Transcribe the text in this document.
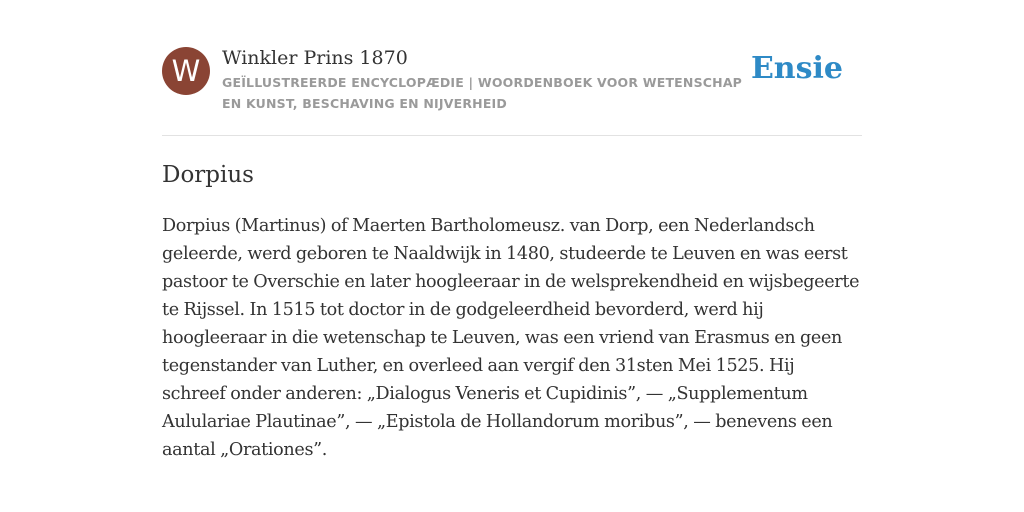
W	Winkler Prins 1870
GEÏLLUSTREERDE ENCYCLOPÆDIE | WOORDENBOEK VOOR WETENSCHAP EN KUNST, BESCHAVING EN NIJVERHEID
Ensie
Dorpius

Dorpius (Martinus) of Maerten Bartholomeusz. van Dorp, een Nederlandsch geleerde, werd geboren te Naaldwijk in 1480, studeerde te Leuven en was eerst pastoor te Overschie en later hoogleeraar in de welsprekendheid en wijsbegeerte te Rijssel. In 1515 tot doctor in de godgeleerdheid bevorderd, werd hij hoogleeraar in die wetenschap te Leuven, was een vriend van Erasmus en geen tegenstander van Luther, en overleed aan vergif den 31sten Mei 1525. Hij schreef onder anderen: „Dialogus Veneris et Cupidinis”, — „Supplementum Aululariae Plautinae”, — „Epistola de Hollandorum moribus”, — benevens een aantal „Orationes”.
